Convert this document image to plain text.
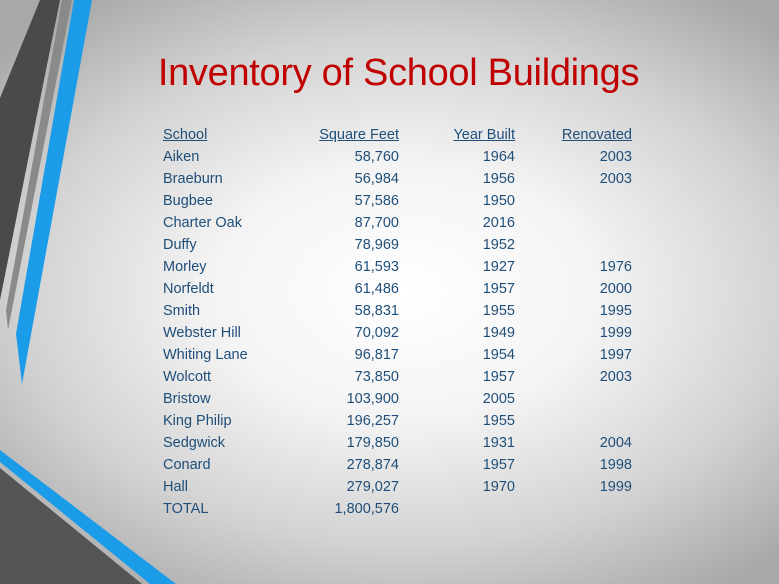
Inventory of School Buildings
School	Square Feet	Year Built	Renovated
Aiken	58,760	1964	2003
Braeburn	56,984	1956	2003
Bugbee	57,586	1950	
Charter Oak	87,700	2016	
Duffy	78,969	1952	
Morley	61,593	1927	1976
Norfeldt	61,486	1957	2000
Smith	58,831	1955	1995
Webster Hill	70,092	1949	1999
Whiting Lane	96,817	1954	1997
Wolcott	73,850	1957	2003
Bristow	103,900	2005	
King Philip	196,257	1955	
Sedgwick	179,850	1931	2004
Conard	278,874	1957	1998
Hall	279,027	1970	1999
TOTAL	1,800,576		
